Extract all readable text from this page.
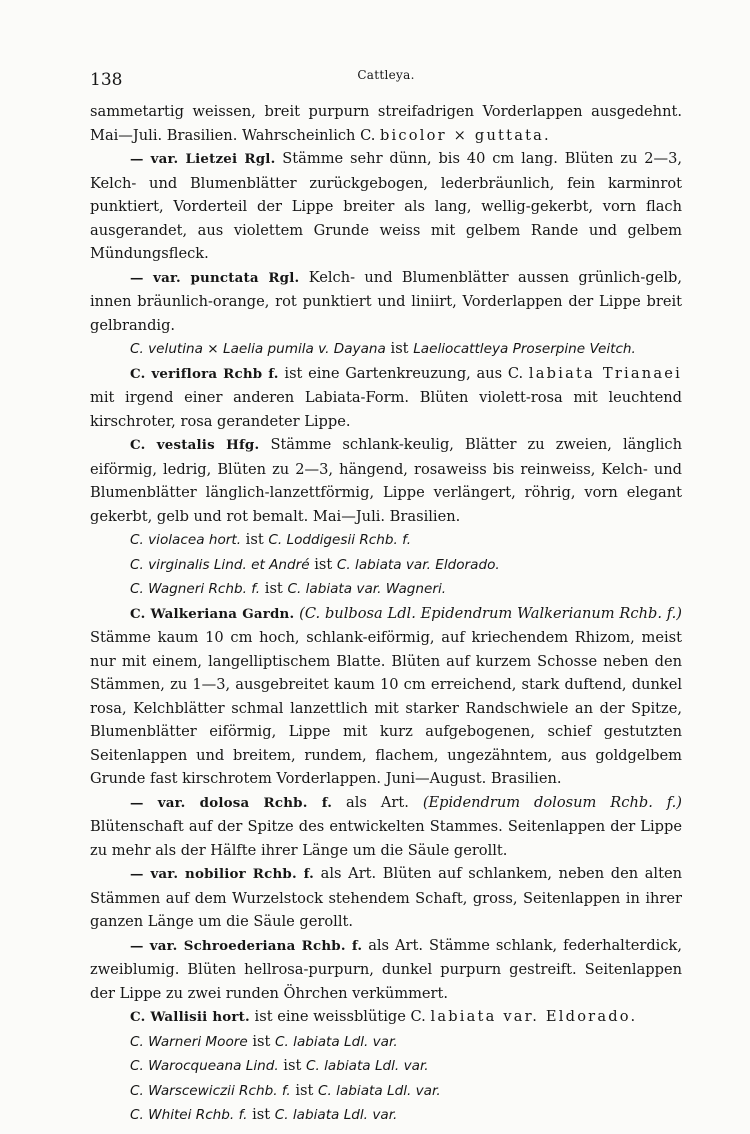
138	Cattleya.

sammetartig weissen, breit purpurn streifadrigen Vorderlappen ausgedehnt. Mai—Juli. Brasilien. Wahrscheinlich C. bicolor × guttata.

— var. Lietzei Rgl. Stämme sehr dünn, bis 40 cm lang. Blüten zu 2—3, Kelch- und Blumenblätter zurückgebogen, lederbräunlich, fein karminrot punktiert, Vorderteil der Lippe breiter als lang, wellig-gekerbt, vorn flach ausgerandet, aus violettem Grunde weiss mit gelbem Rande und gelbem Mündungsfleck.

— var. punctata Rgl. Kelch- und Blumenblätter aussen grünlich-gelb, innen bräunlich-orange, rot punktiert und liniirt, Vorderlappen der Lippe breit gelbrandig.

C. velutina × Laelia pumila v. Dayana ist Laeliocattleya Proserpine Veitch.

C. veriflora Rchb f. ist eine Gartenkreuzung, aus C. labiata Trianaei mit irgend einer anderen Labiata-Form. Blüten violett-rosa mit leuchtend kirschroter, rosa gerandeter Lippe.

C. vestalis Hfg. Stämme schlank-keulig, Blätter zu zweien, länglich eiförmig, ledrig, Blüten zu 2—3, hängend, rosaweiss bis reinweiss, Kelch- und Blumenblätter länglich-lanzettförmig, Lippe verlängert, röhrig, vorn elegant gekerbt, gelb und rot bemalt. Mai—Juli. Brasilien.

C. violacea hort. ist C. Loddigesii Rchb. f.

C. virginalis Lind. et André ist C. labiata var. Eldorado.

C. Wagneri Rchb. f. ist C. labiata var. Wagneri.

C. Walkeriana Gardn. (C. bulbosa Ldl. Epidendrum Walkerianum Rchb. f.) Stämme kaum 10 cm hoch, schlank-eiförmig, auf kriechendem Rhizom, meist nur mit einem, langelliptischem Blatte. Blüten auf kurzem Schosse neben den Stämmen, zu 1—3, ausgebreitet kaum 10 cm erreichend, stark duftend, dunkel rosa, Kelchblätter schmal lanzettlich mit starker Randschwiele an der Spitze, Blumenblätter eiförmig, Lippe mit kurz aufgebogenen, schief gestutzten Seitenlappen und breitem, rundem, flachem, ungezähntem, aus goldgelbem Grunde fast kirschrotem Vorderlappen. Juni—August. Brasilien.

— var. dolosa Rchb. f. als Art. (Epidendrum dolosum Rchb. f.) Blütenschaft auf der Spitze des entwickelten Stammes. Seitenlappen der Lippe zu mehr als der Hälfte ihrer Länge um die Säule gerollt.

— var. nobilior Rchb. f. als Art. Blüten auf schlankem, neben den alten Stämmen auf dem Wurzelstock stehendem Schaft, gross, Seitenlappen in ihrer ganzen Länge um die Säule gerollt.

— var. Schroederiana Rchb. f. als Art. Stämme schlank, federhalterdick, zweiblumig. Blüten hellrosa-purpurn, dunkel purpurn gestreift. Seitenlappen der Lippe zu zwei runden Öhrchen verkümmert.

C. Wallisii hort. ist eine weissblütige C. labiata var. Eldorado.

C. Warneri Moore ist C. labiata Ldl. var.

C. Warocqueana Lind. ist C. labiata Ldl. var.

C. Warscewiczii Rchb. f. ist C. labiata Ldl. var.

C. Whitei Rchb. f. ist C. labiata Ldl. var.
